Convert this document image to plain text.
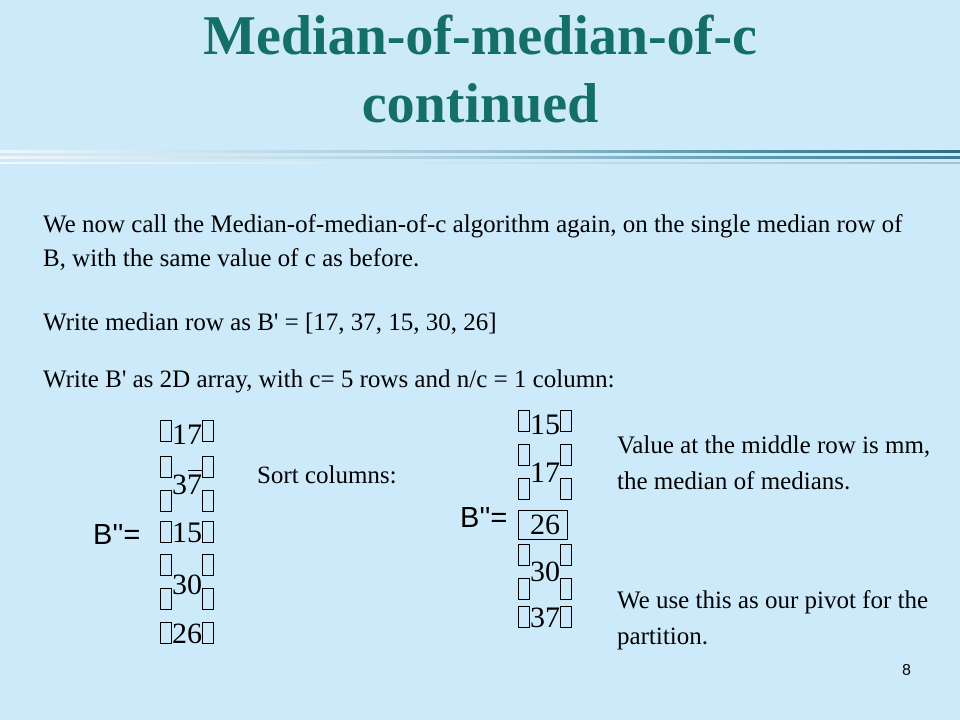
Median-of-median-of-c
continued
We now call the Median-of-median-of-c algorithm again, on the single median row of B, with the same value of c as before.
Write median row as B' = [17, 37, 15, 30, 26]
Write B' as 2D array, with c= 5 rows and n/c = 1 column:
B''=
17
37
15
30
26
Sort columns:
B''=
15
17
26
30
37
Value at the middle row is mm, the median of medians.
We use this as our pivot for the partition.
8
